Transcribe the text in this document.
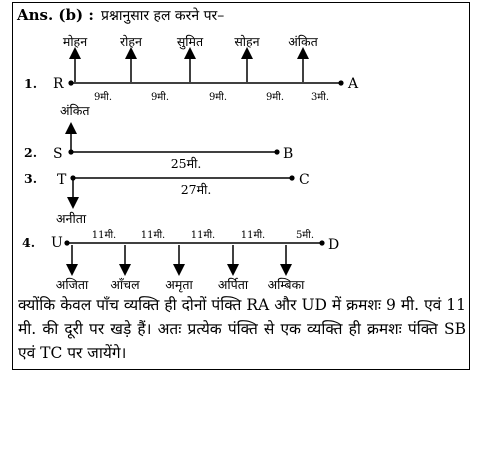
Ans. (b) : प्रश्नानुसार हल करने पर–
1. R	A
मोहन	रोहन	सुमित सोहन अंकित
9मी.	9मी.	9मी.	9मी.	3मी.
अंकित
2. S	B
25मी.
3. T	C
27मी.
अनीता
4. U	D
11मी. 11मी.	11मी.	11मी.	5मी.
अजिता आँचल अमृता अर्पिता अम्बिका

क्योंकि केवल पाँच व्यक्ति ही दोनों पंक्ति RA और UD में क्रमशः 9 मी. एवं 11 मी. की दूरी पर खड़े हैं। अतः प्रत्येक पंक्ति से एक व्यक्ति ही क्रमशः पंक्ति SB एवं TC पर जायेंगे।
